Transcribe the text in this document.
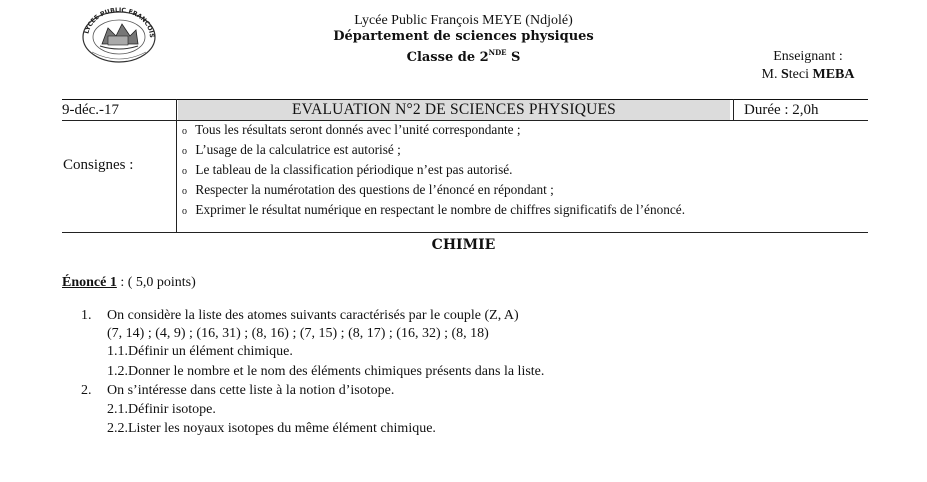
LYCEE PUBLIC FRANCOIS
Lycée Public François MEYE (Ndjolé)
Département de sciences physiques
Classe de 2NDE S	Enseignant :
M. Steci MEBA
9-déc.-17	EVALUATION N°2 DE SCIENCES PHYSIQUES	Durée : 2,0h
Consignes :
o Tous les résultats seront donnés avec l’unité correspondante ;
o L’usage de la calculatrice est autorisé ;
o Le tableau de la classification périodique n’est pas autorisé.
o Respecter la numérotation des questions de l’énoncé en répondant ;
o Exprimer le résultat numérique en respectant le nombre de chiffres significatifs de l’énoncé.
CHIMIE
Énoncé 1 : ( 5,0 points)
1. On considère la liste des atomes suivants caractérisés par le couple (Z, A)
(7, 14) ; (4, 9) ; (16, 31) ; (8, 16) ; (7, 15) ; (8, 17) ; (16, 32) ; (8, 18)
1.1.Définir un élément chimique.
1.2.Donner le nombre et le nom des éléments chimiques présents dans la liste.
2. On s’intéresse dans cette liste à la notion d’isotope.
2.1.Définir isotope.
2.2.Lister les noyaux isotopes du même élément chimique.
